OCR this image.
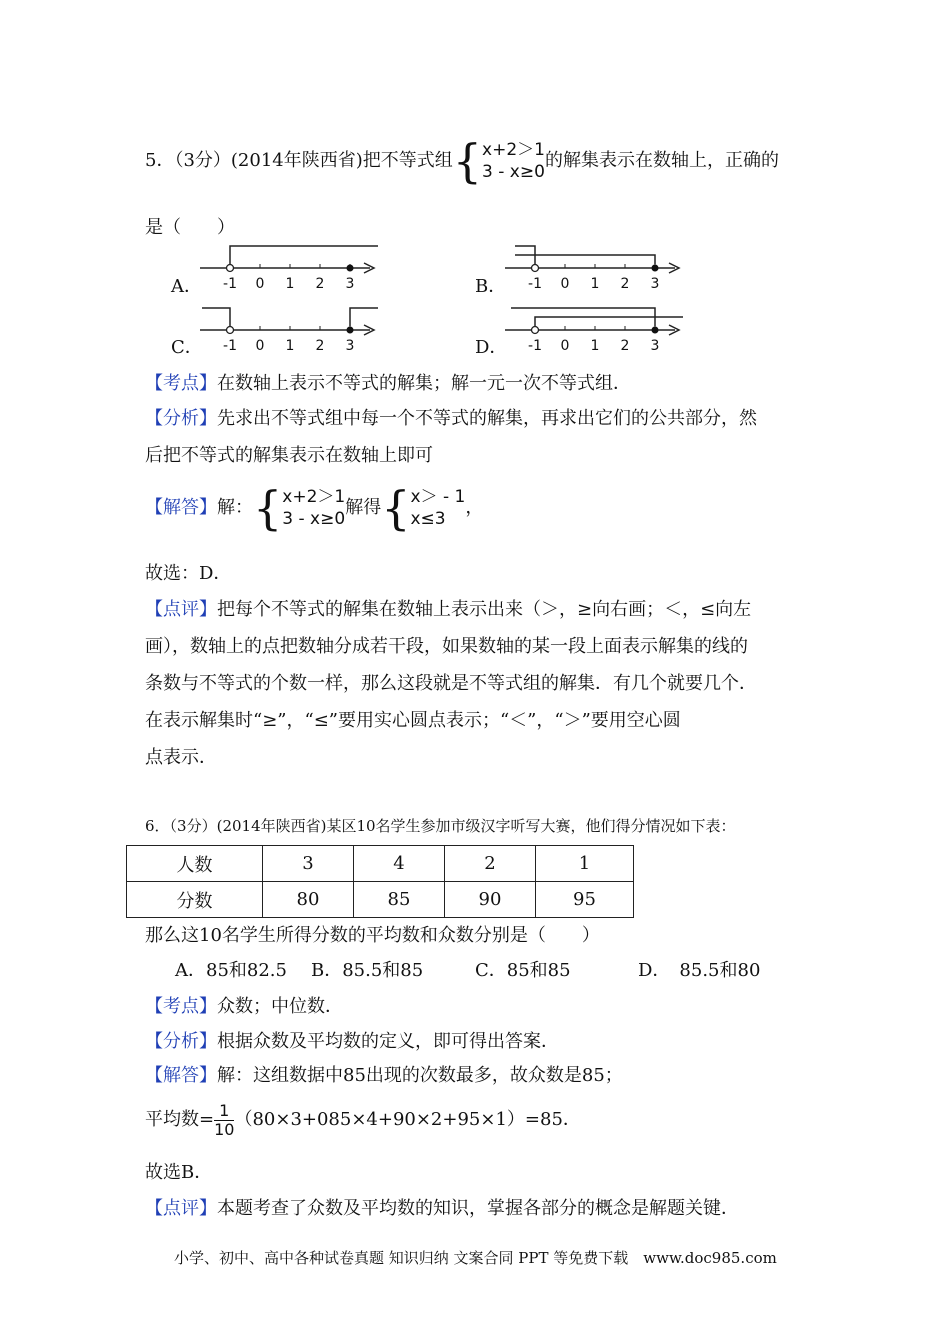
5．（3分）(2014年陕西省)把不等式组{x+2＞1
3 - x≥0的解集表示在数轴上，正确的
是（　　）
A．	B．
C．	D．
-1 0 1 2 3	-1 0 1 2 3
-1 0 1 2 3	-1 0 1 2 3
【考点】在数轴上表示不等式的解集；解一元一次不等式组．
【分析】先求出不等式组中每一个不等式的解集，再求出它们的公共部分，然
后把不等式的解集表示在数轴上即可
【解答】解：{x+2＞1
3 - x≥0解得{x＞ - 1
x≤3，
故选：D．
【点评】把每个不等式的解集在数轴上表示出来（＞，≥向右画；＜，≤向左
画），数轴上的点把数轴分成若干段，如果数轴的某一段上面表示解集的线的
条数与不等式的个数一样，那么这段就是不等式组的解集．有几个就要几个．
在表示解集时“≥”，“≤”要用实心圆点表示；“＜”，“＞”要用空心圆
点表示．
6．（3分）(2014年陕西省)某区10名学生参加市级汉字听写大赛，他们得分情况如下表：
人数	3	4	2	1
分数	80	85	90	95
那么这10名学生所得分数的平均数和众数分别是（　　）
A．85和82.5 B．85.5和85	C．85和85	D．　85.5和80
【考点】众数；中位数．
【分析】根据众数及平均数的定义，即可得出答案．
【解答】解：这组数据中85出现的次数最多，故众数是85；
平均数= $\frac{1}{10} (80\times 3+085\times 4+90\times 2+95\times 1)=85$．
故选B．
【点评】本题考查了众数及平均数的知识，掌握各部分的概念是解题关键．
小学、初中、高中各种试卷真题 知识归纳 文案合同 PPT 等免费下载　www.doc985.com
